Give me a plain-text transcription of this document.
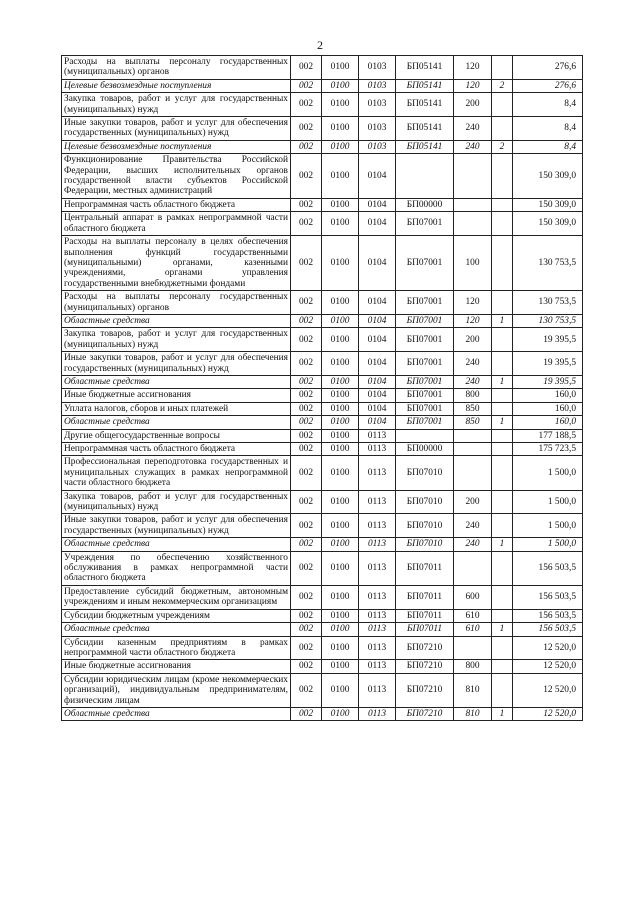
2
Расходы на выплаты персоналу государственных (муниципальных) органов	002	0100	0103	БП05141	120		276,6
Целевые безвозмездные поступления	002	0100	0103	БП05141	120	2	276,6
Закупка товаров, работ и услуг для государственных (муниципальных) нужд	002	0100	0103	БП05141	200		8,4
Иные закупки товаров, работ и услуг для обеспечения государственных (муниципальных) нужд	002	0100	0103	БП05141	240		8,4
Целевые безвозмездные поступления	002	0100	0103	БП05141	240	2	8,4
Функционирование Правительства Российской Федерации, высших исполнительных органов государственной власти субъектов Российской Федерации, местных администраций	002	0100	0104				150 309,0
Непрограммная часть областного бюджета	002	0100	0104	БП00000			150 309,0
Центральный аппарат в рамках непрограммной части областного бюджета	002	0100	0104	БП07001			150 309,0
Расходы на выплаты персоналу в целях обеспечения выполнения функций государственными (муниципальными) органами, казенными учреждениями, органами управления государственными внебюджетными фондами	002	0100	0104	БП07001	100		130 753,5
Расходы на выплаты персоналу государственных (муниципальных) органов	002	0100	0104	БП07001	120		130 753,5
Областные средства	002	0100	0104	БП07001	120	1	130 753,5
Закупка товаров, работ и услуг для государственных (муниципальных) нужд	002	0100	0104	БП07001	200		19 395,5
Иные закупки товаров, работ и услуг для обеспечения государственных (муниципальных) нужд	002	0100	0104	БП07001	240		19 395,5
Областные средства	002	0100	0104	БП07001	240	1	19 395,5
Иные бюджетные ассигнования	002	0100	0104	БП07001	800		160,0
Уплата налогов, сборов и иных платежей	002	0100	0104	БП07001	850		160,0
Областные средства	002	0100	0104	БП07001	850	1	160,0
Другие общегосударственные вопросы	002	0100	0113				177 188,5
Непрограммная часть областного бюджета	002	0100	0113	БП00000			175 723,5
Профессиональная переподготовка государственных и муниципальных служащих в рамках непрограммной части областного бюджета	002	0100	0113	БП07010			1 500,0
Закупка товаров, работ и услуг для государственных (муниципальных) нужд	002	0100	0113	БП07010	200		1 500,0
Иные закупки товаров, работ и услуг для обеспечения государственных (муниципальных) нужд	002	0100	0113	БП07010	240		1 500,0
Областные средства	002	0100	0113	БП07010	240	1	1 500,0
Учреждения по обеспечению хозяйственного обслуживания в рамках непрограммной части областного бюджета	002	0100	0113	БП07011			156 503,5
Предоставление субсидий бюджетным, автономным учреждениям и иным некоммерческим организациям	002	0100	0113	БП07011	600		156 503,5
Субсидии бюджетным учреждениям	002	0100	0113	БП07011	610		156 503,5
Областные средства	002	0100	0113	БП07011	610	1	156 503,5
Субсидии казенным предприятиям в рамках непрограммной части областного бюджета	002	0100	0113	БП07210			12 520,0
Иные бюджетные ассигнования	002	0100	0113	БП07210	800		12 520,0
Субсидии юридическим лицам (кроме некоммерческих организаций), индивидуальным предпринимателям, физическим лицам	002	0100	0113	БП07210	810		12 520,0
Областные средства	002	0100	0113	БП07210	810	1	12 520,0
